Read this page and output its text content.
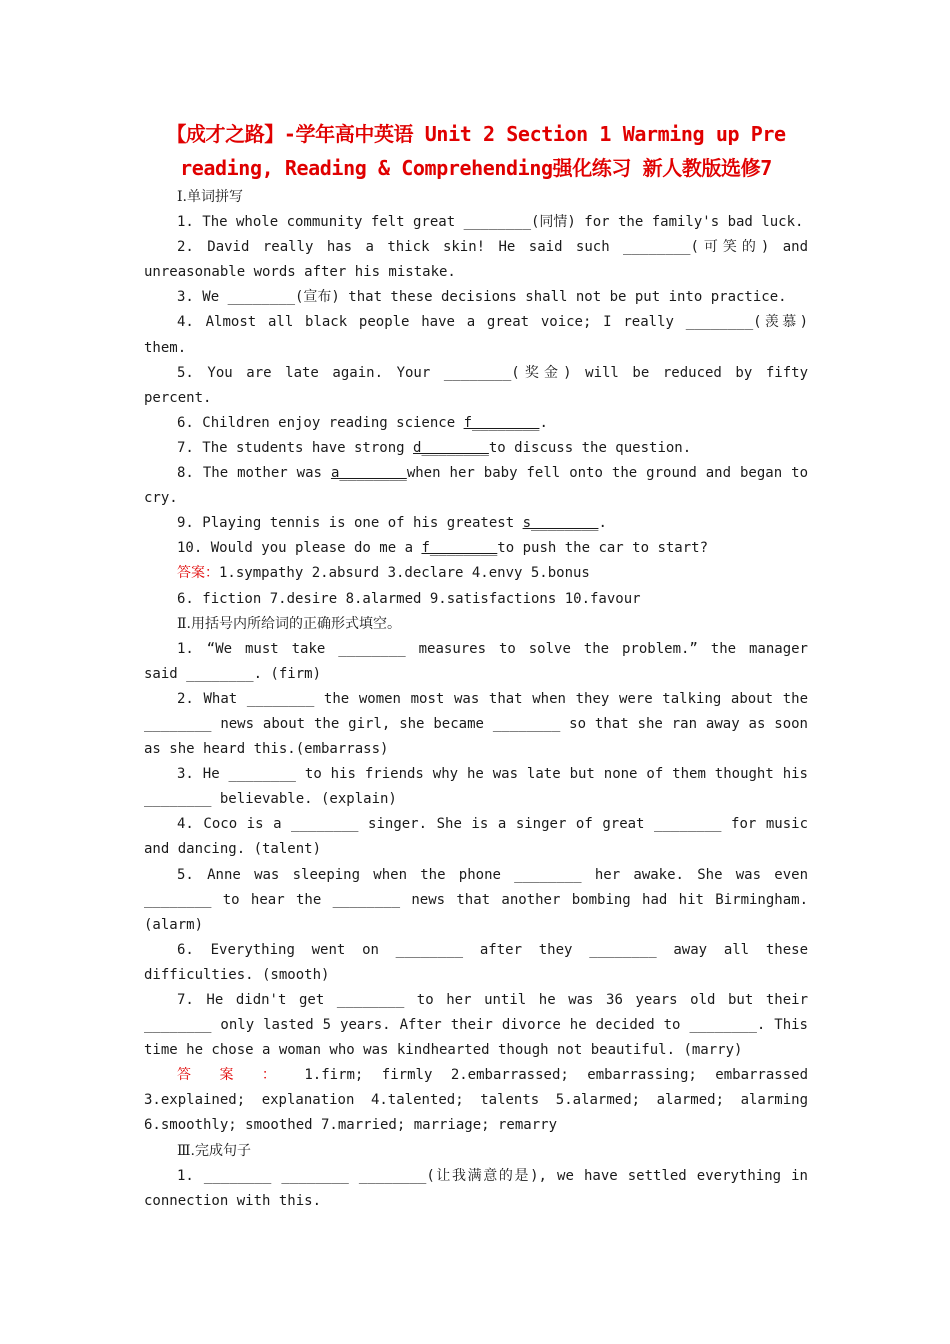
【成才之路】-学年高中英语 Unit 2 Section 1 Warming up Pre
reading, Reading & Comprehending强化练习 新人教版选修7
Ⅰ.单词拼写
1. The whole community felt great ________(同情) for the family's bad luck.
2. David really has a thick skin! He said such ________(可笑的) and
unreasonable words after his mistake.
3. We ________(宣布) that these decisions shall not be put into practice.
4. Almost all black people have a great voice; I really ________(羡慕)
them.
5. You are late again. Your ________(奖金) will be reduced by fifty
percent.
6. Children enjoy reading science f________.
7. The students have strong d________to discuss the question.
8. The mother was a________when her baby fell onto the ground and began to
cry.
9. Playing tennis is one of his greatest s________.
10. Would you please do me a f________to push the car to start?
答案：1.sympathy 2.absurd 3.declare 4.envy 5.bonus
6. fiction 7.desire 8.alarmed 9.satisfactions 10.favour
Ⅱ.用括号内所给词的正确形式填空。
1. “We must take ________ measures to solve the problem.” the manager
said ________. (firm)
2. What ________ the women most was that when they were talking about the
________ news about the girl, she became ________ so that she ran away as soon
as she heard this.(embarrass)
3. He ________ to his friends why he was late but none of them thought his
________ believable. (explain)
4. Coco is a ________ singer. She is a singer of great ________ for music
and dancing. (talent)
5. Anne was sleeping when the phone ________ her awake. She was even
________ to hear the ________ news that another bombing had hit Birmingham.
(alarm)
6. Everything went on ________ after they ________ away all these
difficulties. (smooth)
7. He didn't get ________ to her until he was 36 years old but their
________ only lasted 5 years. After their divorce he decided to ________. This
time he chose a woman who was kindhearted though not beautiful. (marry)
答 案 ： 1.firm; firmly 2.embarrassed; embarrassing; embarrassed
3.explained; explanation 4.talented; talents 5.alarmed; alarmed; alarming
6.smoothly; smoothed 7.married; marriage; remarry
Ⅲ.完成句子
1. ________ ________ ________(让我满意的是), we have settled everything in
connection with this.
